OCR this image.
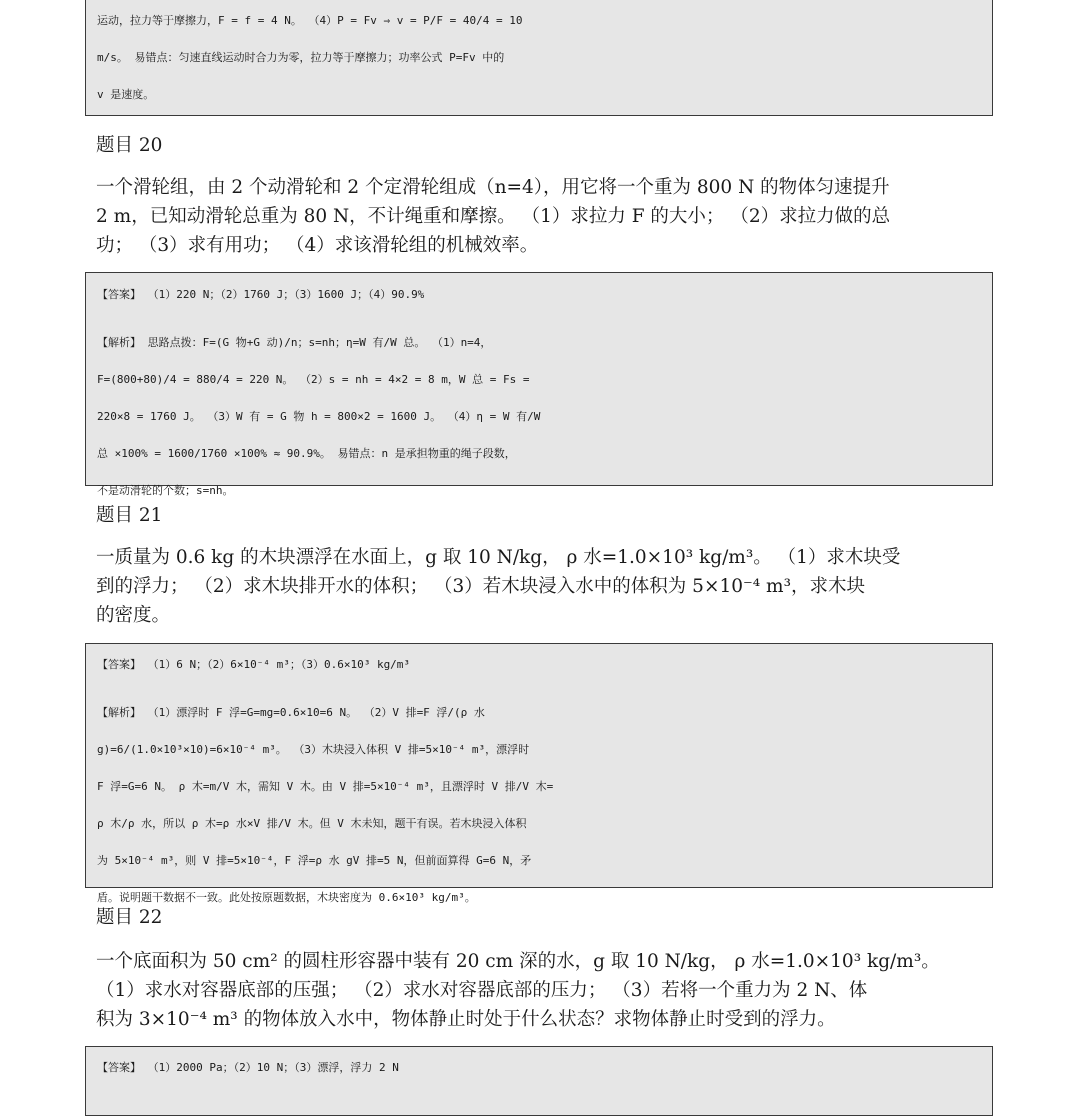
运动，拉力等于摩擦力，F = f = 4 N。 （4）P = Fv ⇒ v = P/F = 40/4 = 10
m/s。 易错点：匀速直线运动时合力为零，拉力等于摩擦力；功率公式 P=Fv 中的
v 是速度。
题目 20
一个滑轮组，由 2 个动滑轮和 2 个定滑轮组成（n=4），用它将一个重为 800 N 的物体匀速提升
2 m，已知动滑轮总重为 80 N，不计绳重和摩擦。 （1）求拉力 F 的大小； （2）求拉力做的总
功； （3）求有用功； （4）求该滑轮组的机械效率。
【答案】 （1）220 N；（2）1760 J；（3）1600 J；（4）90.9%
【解析】 思路点拨：F=(G 物+G 动)/n；s=nh；η=W 有/W 总。 （1）n=4，
F=(800+80)/4 = 880/4 = 220 N。 （2）s = nh = 4×2 = 8 m，W 总 = Fs =
220×8 = 1760 J。 （3）W 有 = G 物 h = 800×2 = 1600 J。 （4）η = W 有/W
总 ×100% = 1600/1760 ×100% ≈ 90.9%。 易错点：n 是承担物重的绳子段数，
不是动滑轮的个数；s=nh。
题目 21
一质量为 0.6 kg 的木块漂浮在水面上，g 取 10 N/kg， ρ 水=1.0×10³ kg/m³。 （1）求木块受
到的浮力； （2）求木块排开水的体积； （3）若木块浸入水中的体积为 5×10⁻⁴ m³，求木块
的密度。
【答案】 （1）6 N；（2）6×10⁻⁴ m³；（3）0.6×10³ kg/m³
【解析】 （1）漂浮时 F 浮=G=mg=0.6×10=6 N。 （2）V 排=F 浮/(ρ 水
g)=6/(1.0×10³×10)=6×10⁻⁴ m³。 （3）木块浸入体积 V 排=5×10⁻⁴ m³，漂浮时
F 浮=G=6 N。 ρ 木=m/V 木，需知 V 木。由 V 排=5×10⁻⁴ m³，且漂浮时 V 排/V 木=
ρ 木/ρ 水，所以 ρ 木=ρ 水×V 排/V 木。但 V 木未知，题干有误。若木块浸入体积
为 5×10⁻⁴ m³，则 V 排=5×10⁻⁴，F 浮=ρ 水 gV 排=5 N，但前面算得 G=6 N，矛
盾。说明题干数据不一致。此处按原题数据，木块密度为 0.6×10³ kg/m³。
题目 22
一个底面积为 50 cm² 的圆柱形容器中装有 20 cm 深的水，g 取 10 N/kg， ρ 水=1.0×10³ kg/m³。
（1）求水对容器底部的压强； （2）求水对容器底部的压力； （3）若将一个重力为 2 N、体
积为 3×10⁻⁴ m³ 的物体放入水中，物体静止时处于什么状态？求物体静止时受到的浮力。
【答案】 （1）2000 Pa；（2）10 N；（3）漂浮，浮力 2 N
